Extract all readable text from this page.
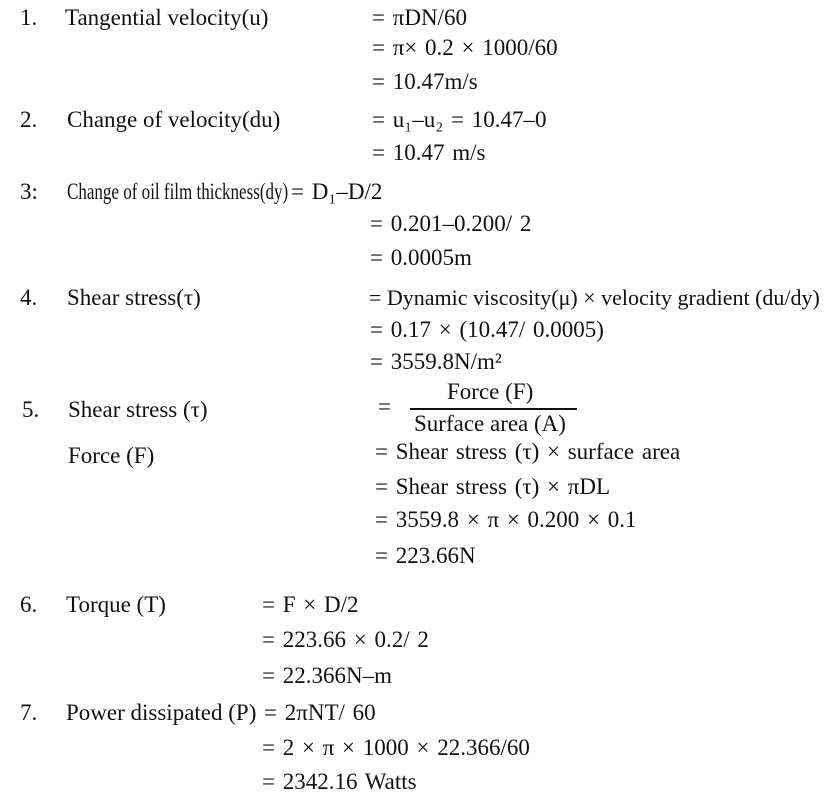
1. Tangential velocity(u)	= πDN/60
= π× 0.2 × 1000/60
= 10.47m/s
2. Change of velocity(du)	= u₁–u₂ = 10.47–0
= 10.47 m/s
3: Change of oil film thickness(dy) = D₁–D/2
= 0.201–0.200/ 2
= 0.0005m
4. Shear stress(τ)	= Dynamic viscosity(μ) × velocity gradient (du/dy)
= 0.17 × (10.47/ 0.0005)
= 3559.8N/m²
5. Shear stress (τ)	=
Force (F)
Surface area (A)
Force (F)	= Shear stress (τ) × surface area
= Shear stress (τ) × πDL
= 3559.8 × π × 0.200 × 0.1
= 223.66N
6. Torque (T)	= F × D/2
= 223.66 × 0.2/ 2
= 22.366N–m
7. Power dissipated (P) = 2πNT/ 60
= 2 × π × 1000 × 22.366/60
= 2342.16 Watts
